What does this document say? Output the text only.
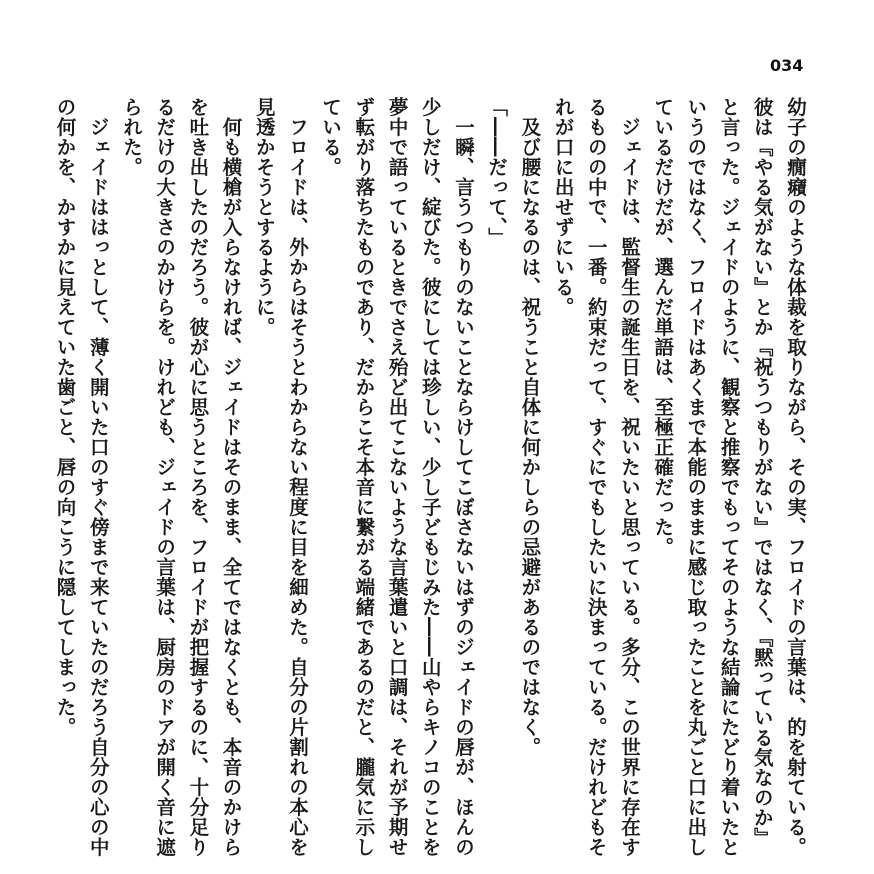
034
幼子の癇癪のような体裁を取りながら、その実、フロイドの言葉は、的を射ている。
彼は『やる気がない』とか『祝うつもりがない』ではなく、『黙っている気なのか』
と言った。ジェイドのように、観察と推察でもってそのような結論にたどり着いたと
いうのではなく、フロイドはあくまで本能のままに感じ取ったことを丸ごと口に出し
ているだけだが、選んだ単語は、至極正確だった。
　ジェイドは、監督生の誕生日を、祝いたいと思っている。多分、この世界に存在す
るものの中で、一番。約束だって、すぐにでもしたいに決まっている。だけれどもそ
れが口に出せずにいる。
　及び腰になるのは、祝うこと自体に何かしらの忌避があるのではなく。
「――だって、」
　一瞬、言うつもりのないことならけしてこぼさないはずのジェイドの唇が、ほんの
少しだけ、綻びた。彼にしては珍しい、少し子どもじみた――山やらキノコのことを
夢中で語っているときでさえ殆ど出てこないような言葉遣いと口調は、それが予期せ
ず転がり落ちたものであり、だからこそ本音に繋がる端緒であるのだと、朧気に示し
ている。
　フロイドは、外からはそうとわからない程度に目を細めた。自分の片割れの本心を
見透かそうとするように。
　何も横槍が入らなければ、ジェイドはそのまま、全てではなくとも、本音のかけら
を吐き出したのだろう。彼が心に思うところを、フロイドが把握するのに、十分足り
るだけの大きさのかけらを。けれども、ジェイドの言葉は、厨房のドアが開く音に遮
られた。
　ジェイドははっとして、薄く開いた口のすぐ傍まで来ていたのだろう自分の心の中
の何かを、かすかに見えていた歯ごと、唇の向こうに隠してしまった。
